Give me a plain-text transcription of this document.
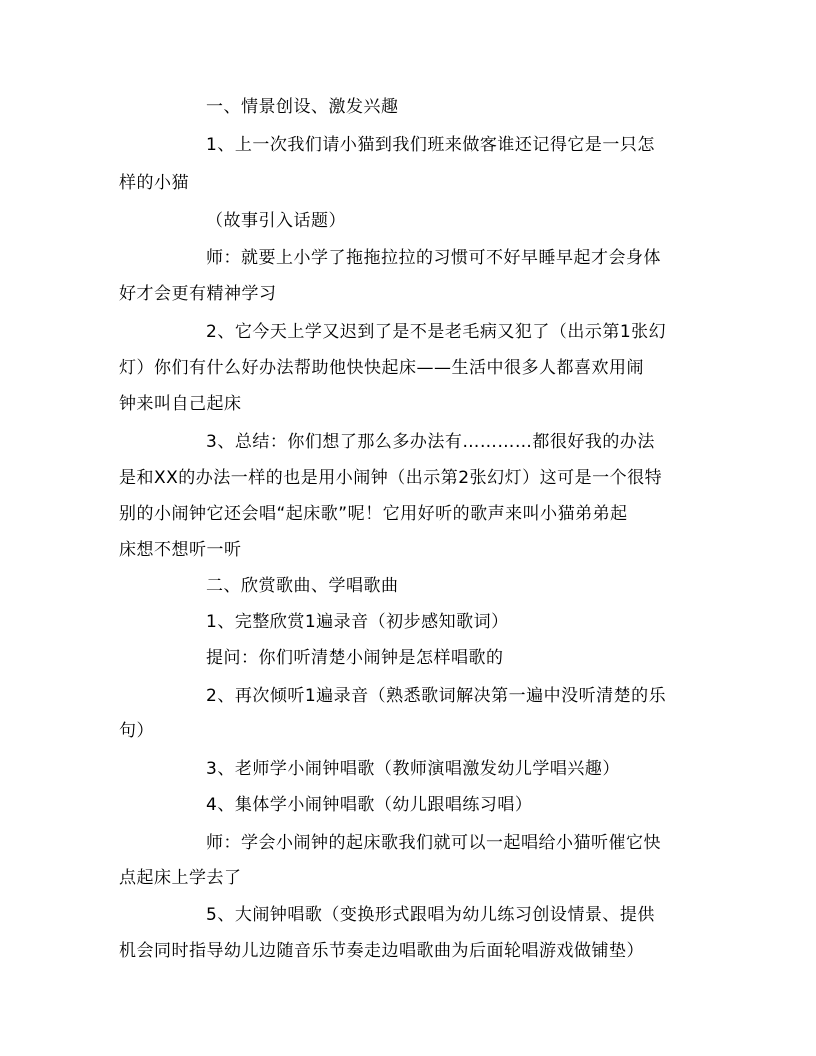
一、情景创设、激发兴趣
1、上一次我们请小猫到我们班来做客谁还记得它是一只怎
样的小猫
（故事引入话题）
师：就要上小学了拖拖拉拉的习惯可不好早睡早起才会身体
好才会更有精神学习
2、它今天上学又迟到了是不是老毛病又犯了（出示第1张幻
灯）你们有什么好办法帮助他快快起床——生活中很多人都喜欢用闹
钟来叫自己起床
3、总结：你们想了那么多办法有…………都很好我的办法
是和XX的办法一样的也是用小闹钟（出示第2张幻灯）这可是一个很特
别的小闹钟它还会唱“起床歌”呢！它用好听的歌声来叫小猫弟弟起
床想不想听一听
二、欣赏歌曲、学唱歌曲
1、完整欣赏1遍录音（初步感知歌词）
提问：你们听清楚小闹钟是怎样唱歌的
2、再次倾听1遍录音（熟悉歌词解决第一遍中没听清楚的乐
句）
3、老师学小闹钟唱歌（教师演唱激发幼儿学唱兴趣）
4、集体学小闹钟唱歌（幼儿跟唱练习唱）
师：学会小闹钟的起床歌我们就可以一起唱给小猫听催它快
点起床上学去了
5、大闹钟唱歌（变换形式跟唱为幼儿练习创设情景、提供
机会同时指导幼儿边随音乐节奏走边唱歌曲为后面轮唱游戏做铺垫）
